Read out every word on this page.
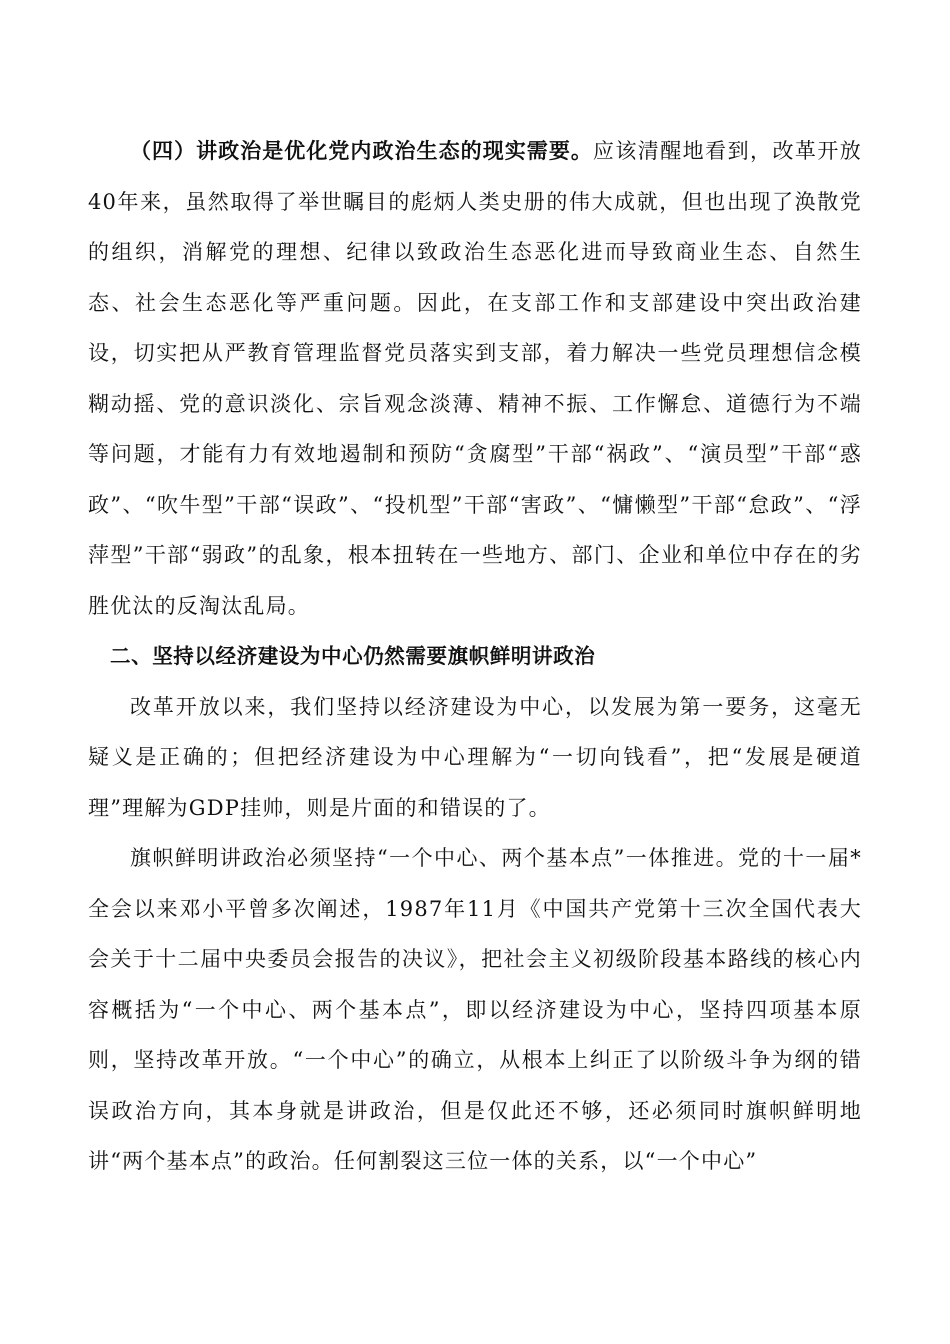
（四）讲政治是优化党内政治生态的现实需要。应该清醒地看到，改革开放40年来，虽然取得了举世瞩目的彪炳人类史册的伟大成就，但也出现了涣散党的组织，消解党的理想、纪律以致政治生态恶化进而导致商业生态、自然生态、社会生态恶化等严重问题。因此，在支部工作和支部建设中突出政治建设，切实把从严教育管理监督党员落实到支部，着力解决一些党员理想信念模糊动摇、党的意识淡化、宗旨观念淡薄、精神不振、工作懈怠、道德行为不端等问题，才能有力有效地遏制和预防“贪腐型”干部“祸政”、“演员型”干部“惑政”、“吹牛型”干部“误政”、“投机型”干部“害政”、“慵懒型”干部“怠政”、“浮萍型”干部“弱政”的乱象，根本扭转在一些地方、部门、企业和单位中存在的劣胜优汰的反淘汰乱局。

二、坚持以经济建设为中心仍然需要旗帜鲜明讲政治

改革开放以来，我们坚持以经济建设为中心，以发展为第一要务，这毫无疑义是正确的；但把经济建设为中心理解为“一切向钱看”，把“发展是硬道理”理解为GDP挂帅，则是片面的和错误的了。

旗帜鲜明讲政治必须坚持“一个中心、两个基本点”一体推进。党的十一届*全会以来邓小平曾多次阐述，1987年11月《中国共产党第十三次全国代表大会关于十二届中央委员会报告的决议》，把社会主义初级阶段基本路线的核心内容概括为“一个中心、两个基本点”，即以经济建设为中心，坚持四项基本原则，坚持改革开放。“一个中心”的确立，从根本上纠正了以阶级斗争为纲的错误政治方向，其本身就是讲政治，但是仅此还不够，还必须同时旗帜鲜明地讲“两个基本点”的政治。任何割裂这三位一体的关系，以“一个中心”
